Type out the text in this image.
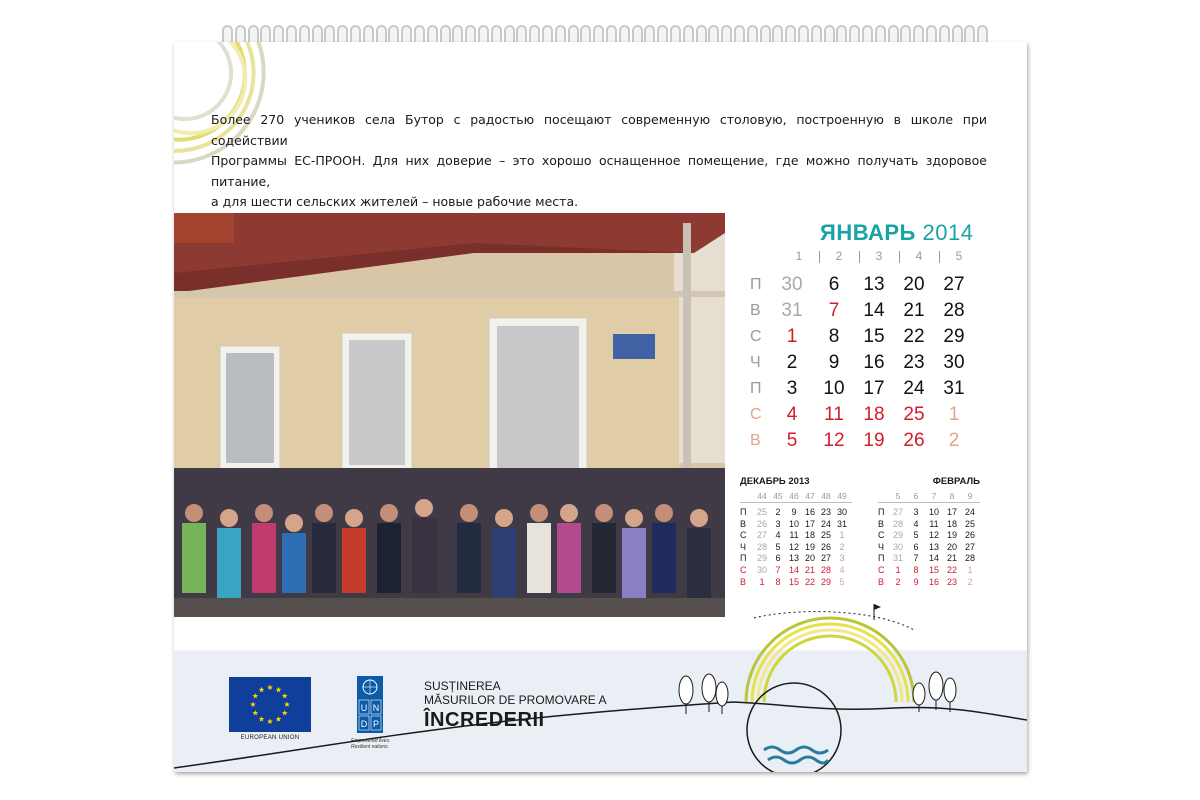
Более 270 учеников села Бутор с радостью посещают современную столовую, построенную в школе при содействии
Программы ЕС-ПРООН. Для них доверие – это хорошо оснащенное помещение, где можно получать здоровое питание,
а для шести сельских жителей – новые рабочие места.
ЯНВАРЬ 2014
1	2	3	4	5
П	30	6	13 20 27
В	31	7	14 21 28
С	1	8	15 22 29
Ч	2	9	16 23 30
П	3	10 17 24 31
С	4	11	18 25	1
В	5	12 19 26	2
ДЕКАБРЬ 2013
44 45 46 47 48 49
П	25 2	9 16 23 30
В	26 3 10 17 24 31
С	27 4 11 18 25 1
Ч	28 5 12 19 26 2
П	29 6 13 20 27 3
С	30 7 14 21 28 4
В	1	8 15 22 29 5
ФЕВРАЛЬ
5	6	7	8	9
П 27	3	10 17 24
В 28	4	11 18 25
С 29	5	12 19 26
Ч 30	6	13 20 27
П 31	7	14 21 28
С	1	8	15 22	1
В	2	9	16 23	2
EUROPEAN UNION
U N
D P
Empowered lives.
Resilient nations.
SUSȚINEREA
MĂSURILOR DE PROMOVARE A
ÎNCREDERII
